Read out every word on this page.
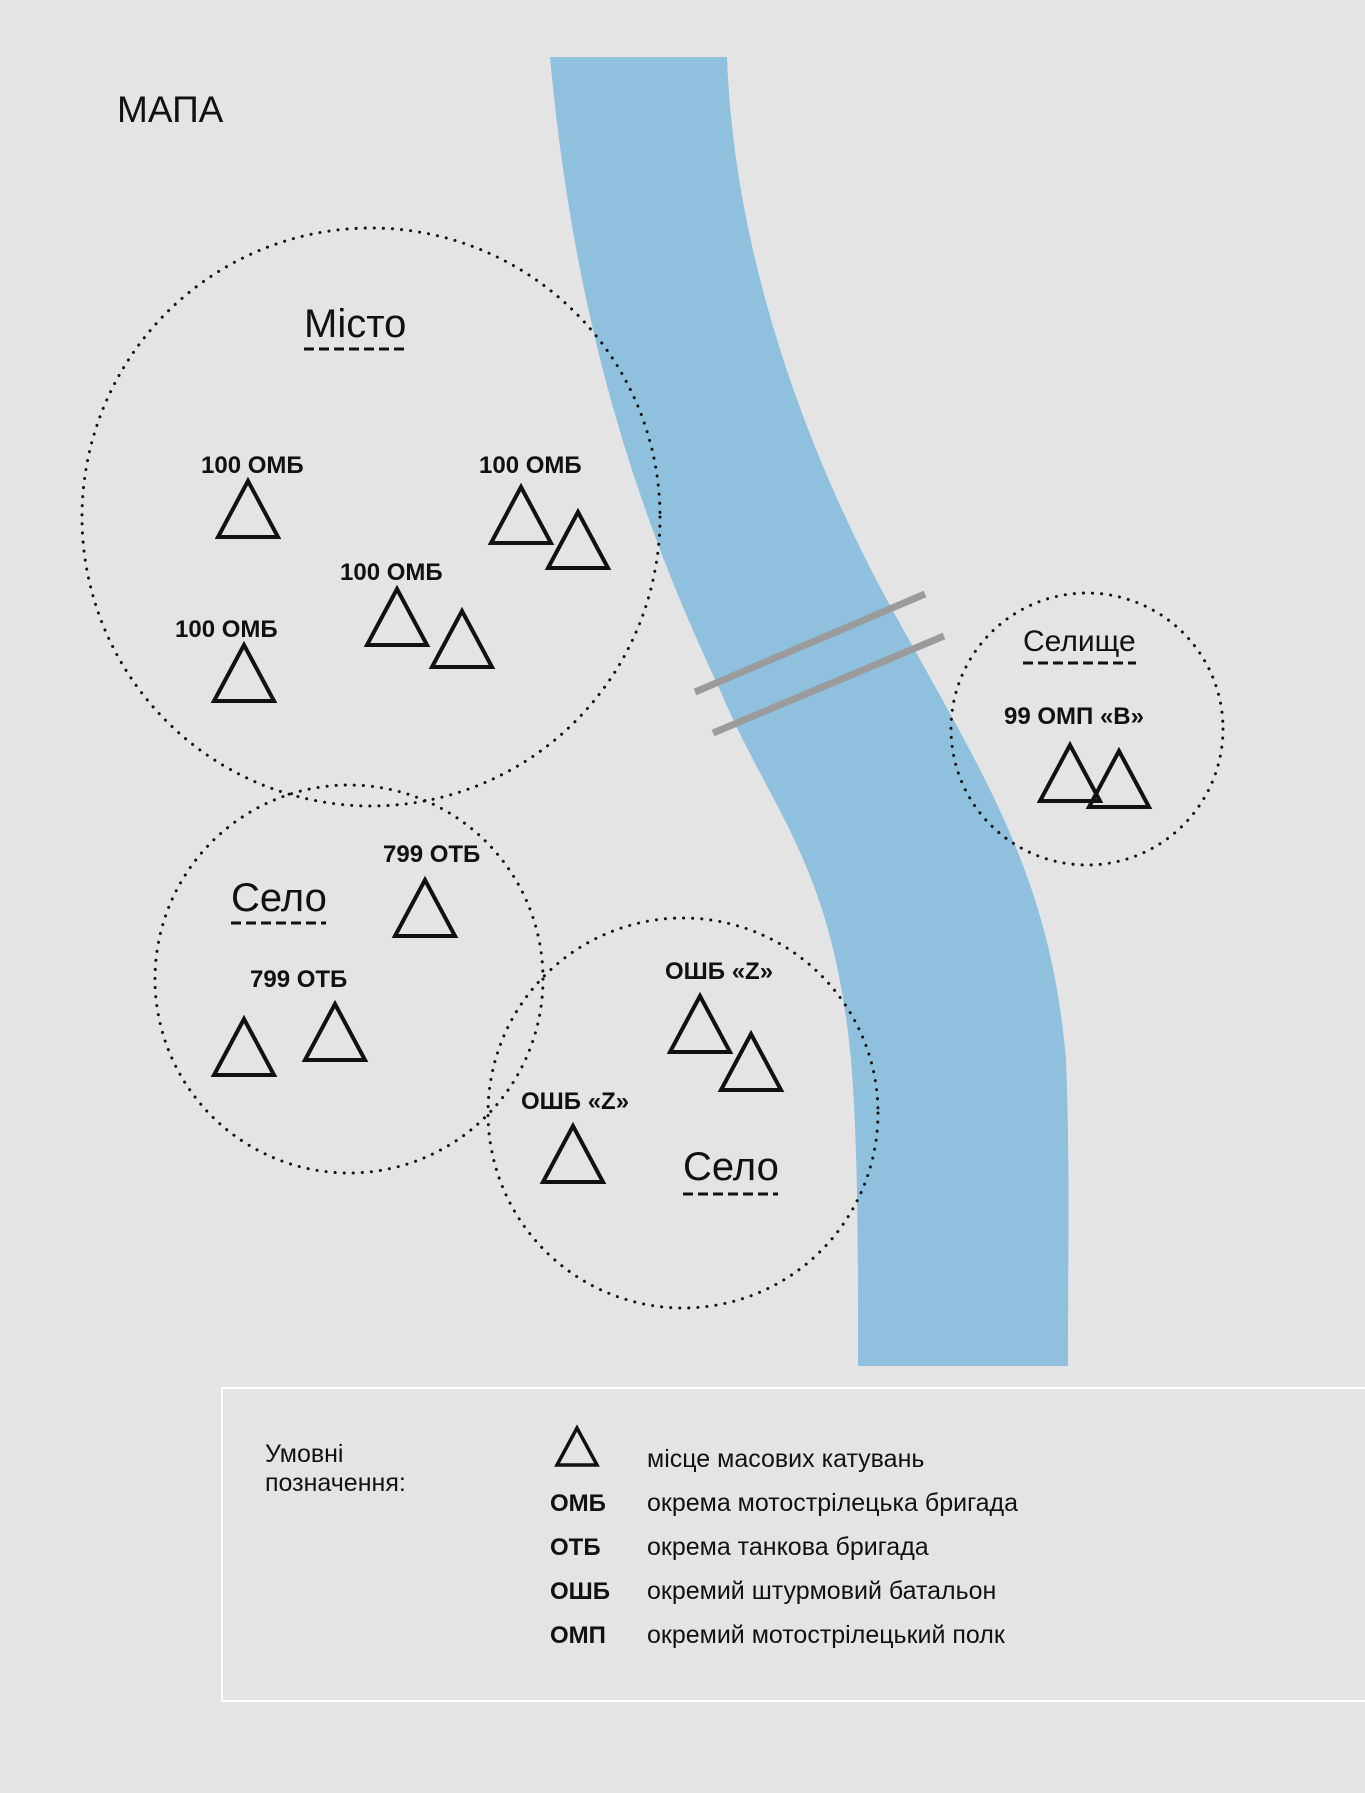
МАПА
Місто
Село
Село
Селище
100 ОМБ	100 ОМБ
100 ОМБ
100 ОМБ
799 ОТБ
799 ОТБ	ОШБ «Z»
ОШБ «Z»
99 ОМП «В»
Умовні
позначення:
місце масових катувань
ОМБ окрема мотострілецька бригада
ОТБ окрема танкова бригада
ОШБ окремий штурмовий батальон
ОМП окремий мотострілецький полк
